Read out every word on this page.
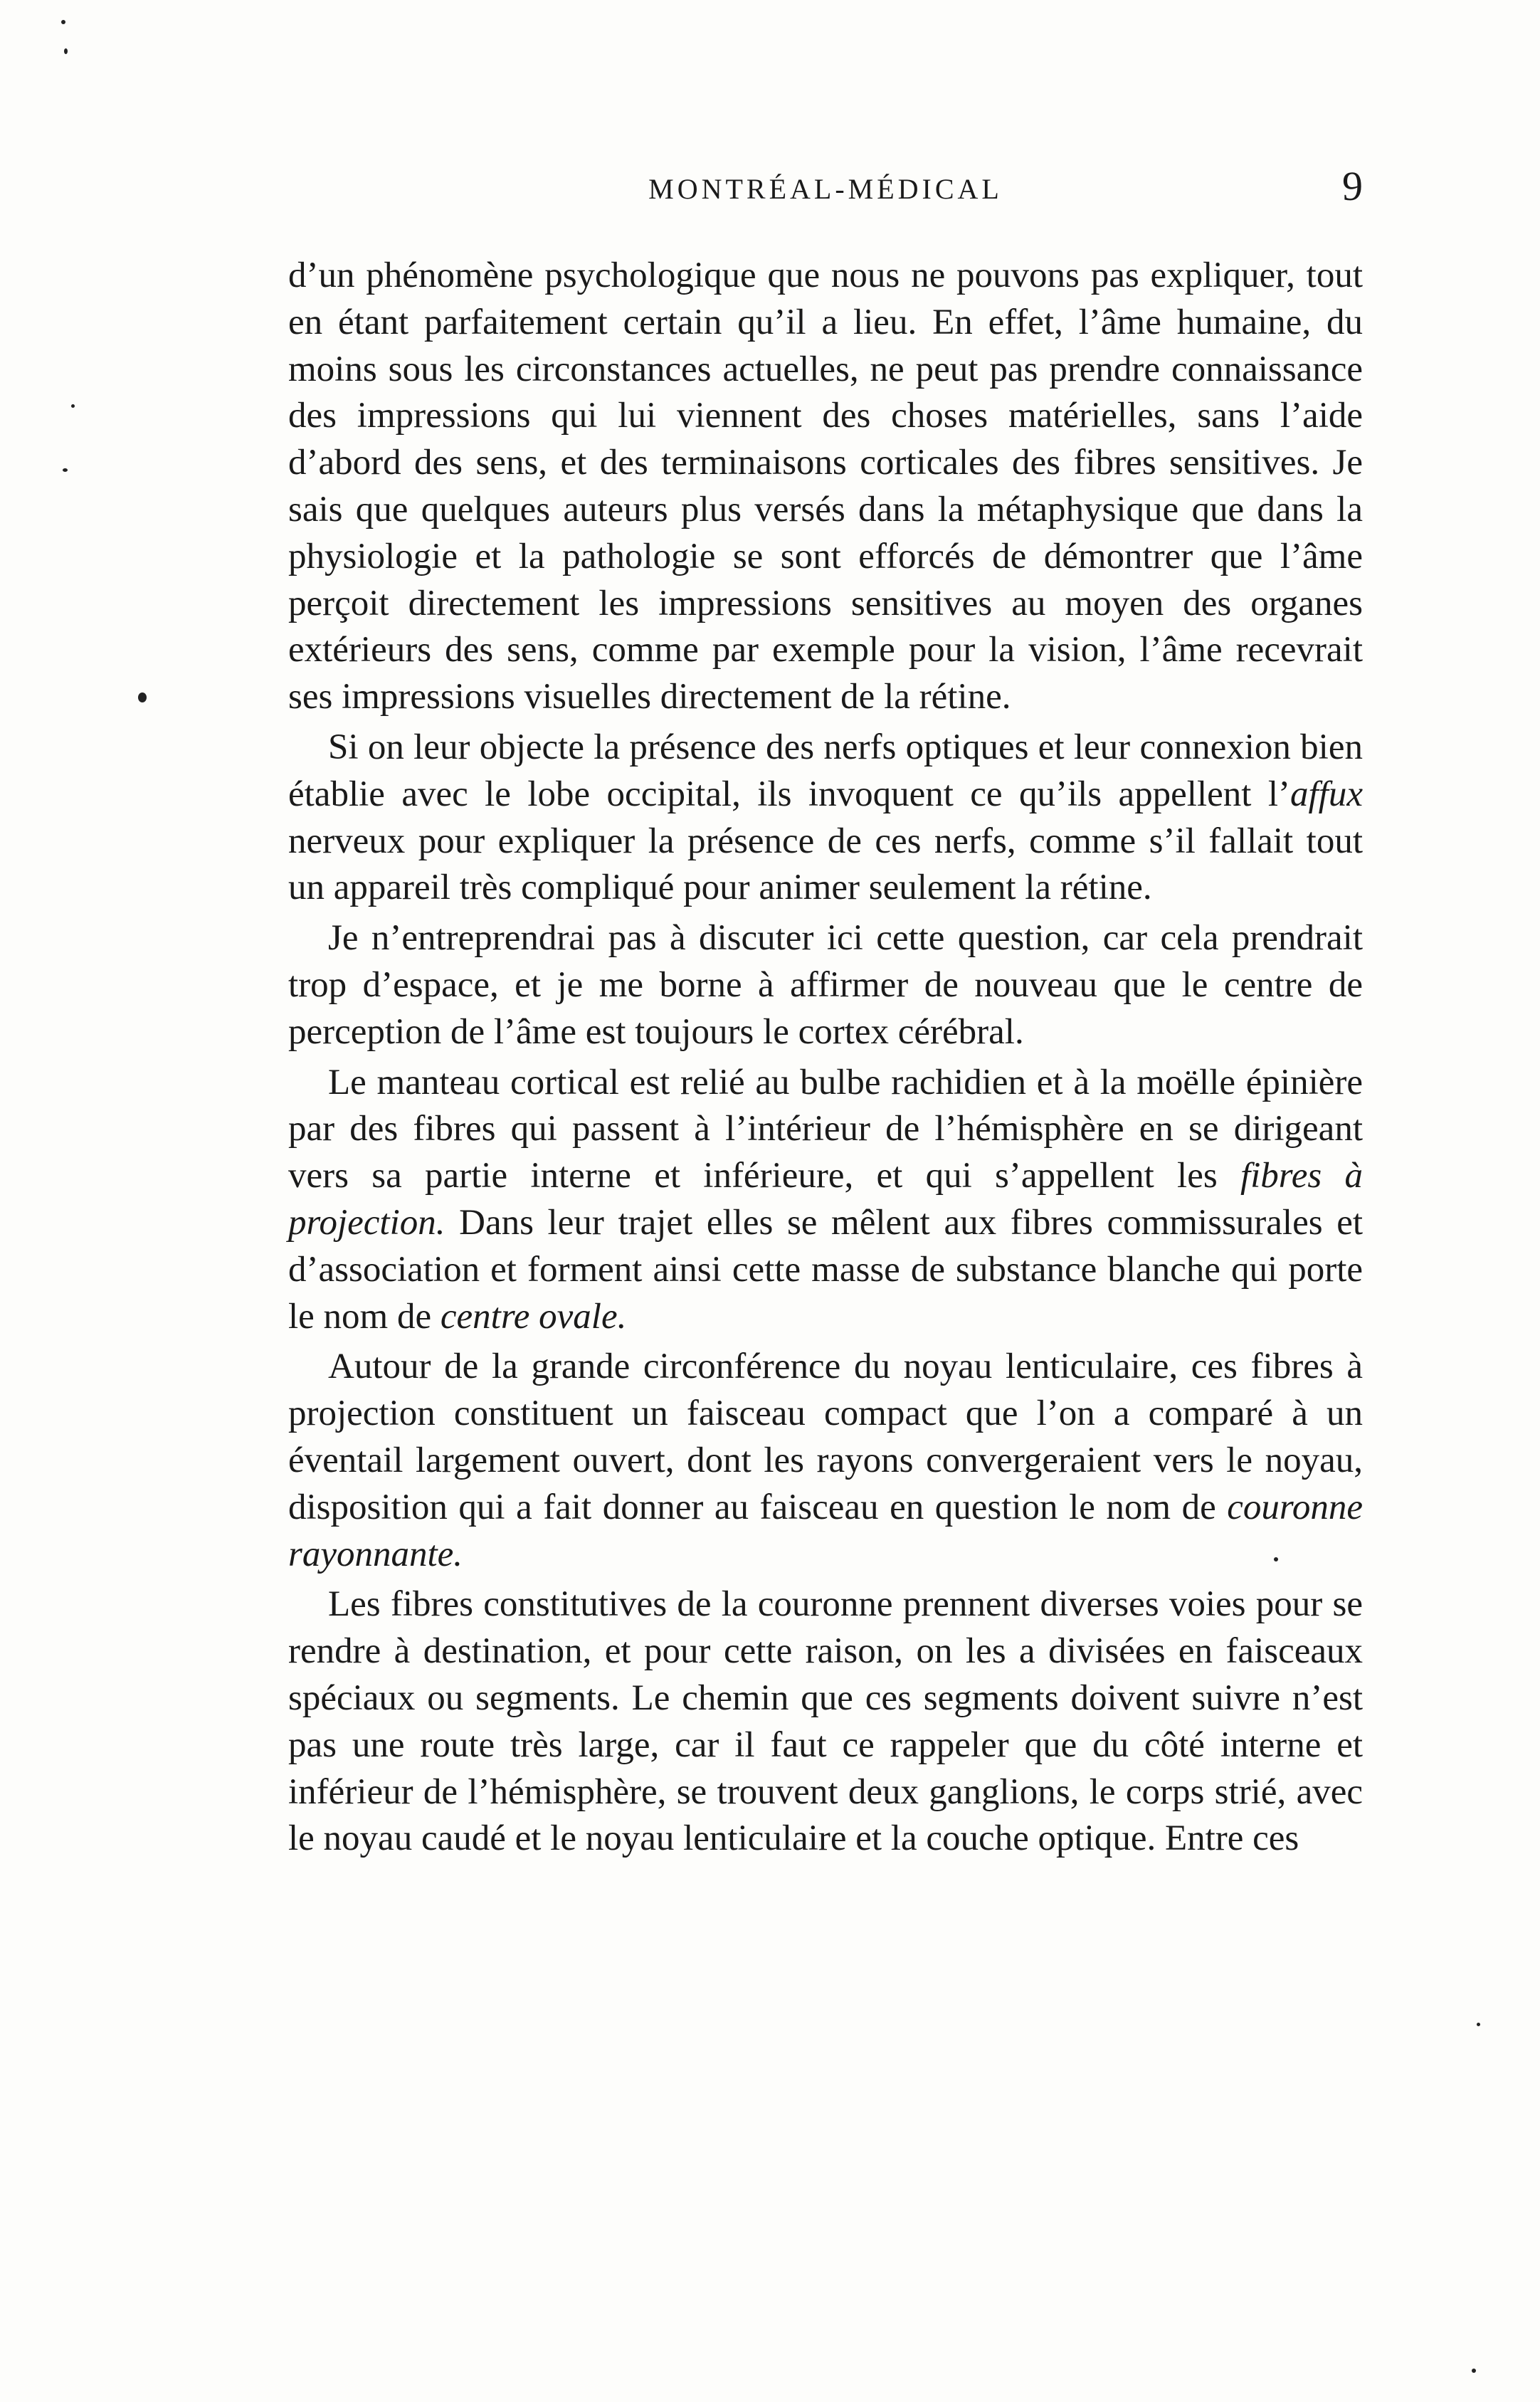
MONTRÉAL-MÉDICAL	9

d’un phénomène psychologique que nous ne pouvons pas expliquer, tout en étant parfaitement certain qu’il a lieu. En effet, l’âme humaine, du moins sous les circonstances actuelles, ne peut pas prendre connaissance des impressions qui lui viennent des choses matérielles, sans l’aide d’abord des sens, et des terminaisons corticales des fibres sensitives. Je sais que quelques auteurs plus versés dans la métaphysique que dans la physiologie et la pathologie se sont efforcés de démontrer que l’âme perçoit directement les impressions sensitives au moyen des organes extérieurs des sens, comme par exemple pour la vision, l’âme recevrait ses impressions visuelles directement de la rétine.

Si on leur objecte la présence des nerfs optiques et leur connexion bien établie avec le lobe occipital, ils invoquent ce qu’ils appellent l’affux nerveux pour expliquer la présence de ces nerfs, comme s’il fallait tout un appareil très compliqué pour animer seulement la rétine.

Je n’entreprendrai pas à discuter ici cette question, car cela prendrait trop d’espace, et je me borne à affirmer de nouveau que le centre de perception de l’âme est toujours le cortex cérébral.

Le manteau cortical est relié au bulbe rachidien et à la moëlle épinière par des fibres qui passent à l’intérieur de l’hémisphère en se dirigeant vers sa partie interne et inférieure, et qui s’appellent les fibres à projection. Dans leur trajet elles se mêlent aux fibres commissurales et d’association et forment ainsi cette masse de substance blanche qui porte le nom de centre ovale.

Autour de la grande circonférence du noyau lenticulaire, ces fibres à projection constituent un faisceau compact que l’on a comparé à un éventail largement ouvert, dont les rayons convergeraient vers le noyau, disposition qui a fait donner au faisceau en question le nom de couronne rayonnante.

Les fibres constitutives de la couronne prennent diverses voies pour se rendre à destination, et pour cette raison, on les a divisées en faisceaux spéciaux ou segments. Le chemin que ces segments doivent suivre n’est pas une route très large, car il faut ce rappeler que du côté interne et inférieur de l’hémisphère, se trouvent deux ganglions, le corps strié, avec le noyau caudé et le noyau lenticulaire et la couche optique. Entre ces
